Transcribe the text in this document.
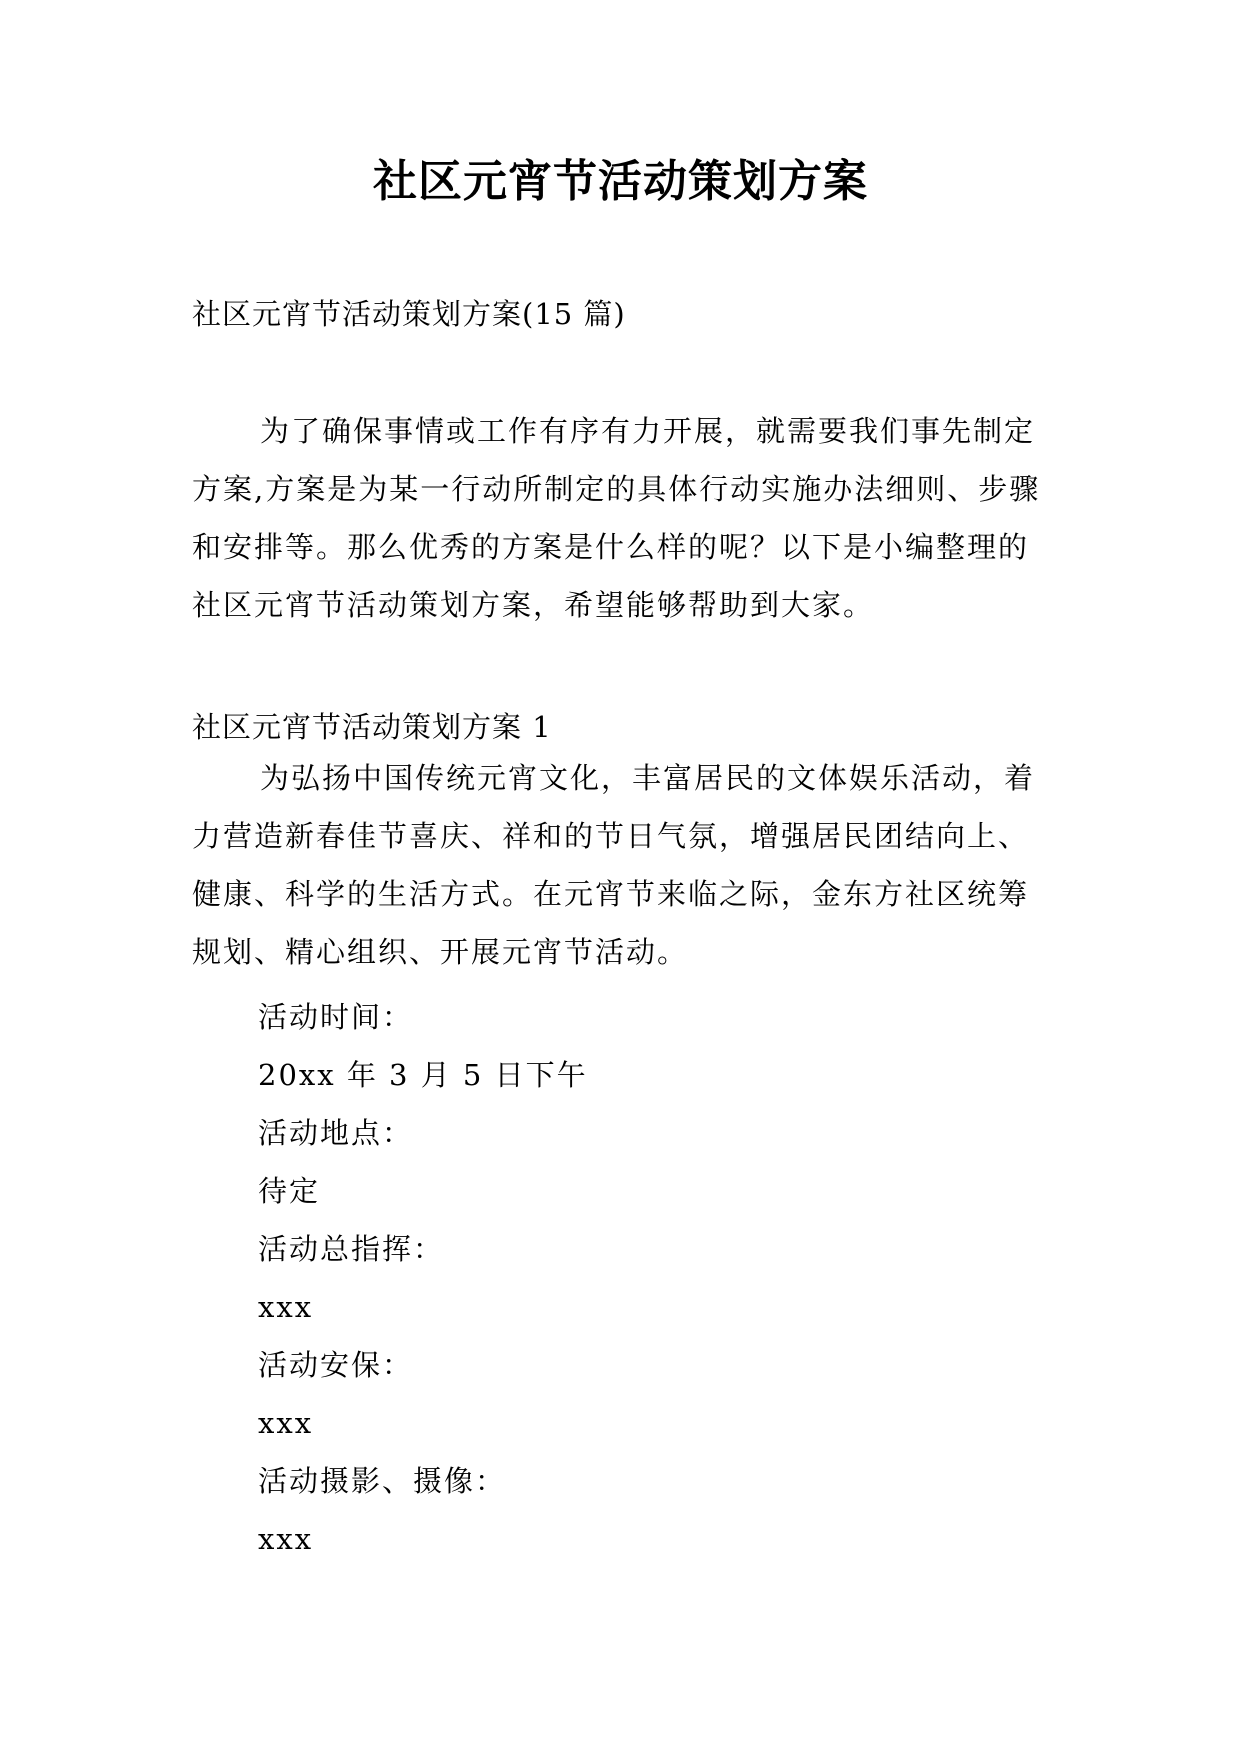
社区元宵节活动策划方案

社区元宵节活动策划方案(15 篇)

为了确保事情或工作有序有力开展，就需要我们事先制定方案,方案是为某一行动所制定的具体行动实施办法细则、步骤和安排等。那么优秀的方案是什么样的呢？以下是小编整理的社区元宵节活动策划方案，希望能够帮助到大家。

社区元宵节活动策划方案 1

为弘扬中国传统元宵文化，丰富居民的文体娱乐活动，着力营造新春佳节喜庆、祥和的节日气氛，增强居民团结向上、健康、科学的生活方式。在元宵节来临之际，金东方社区统筹规划、精心组织、开展元宵节活动。

活动时间：
20xx 年 3 月 5 日下午
活动地点：
待定
活动总指挥：
xxx
活动安保：
xxx
活动摄影、摄像：
xxx
